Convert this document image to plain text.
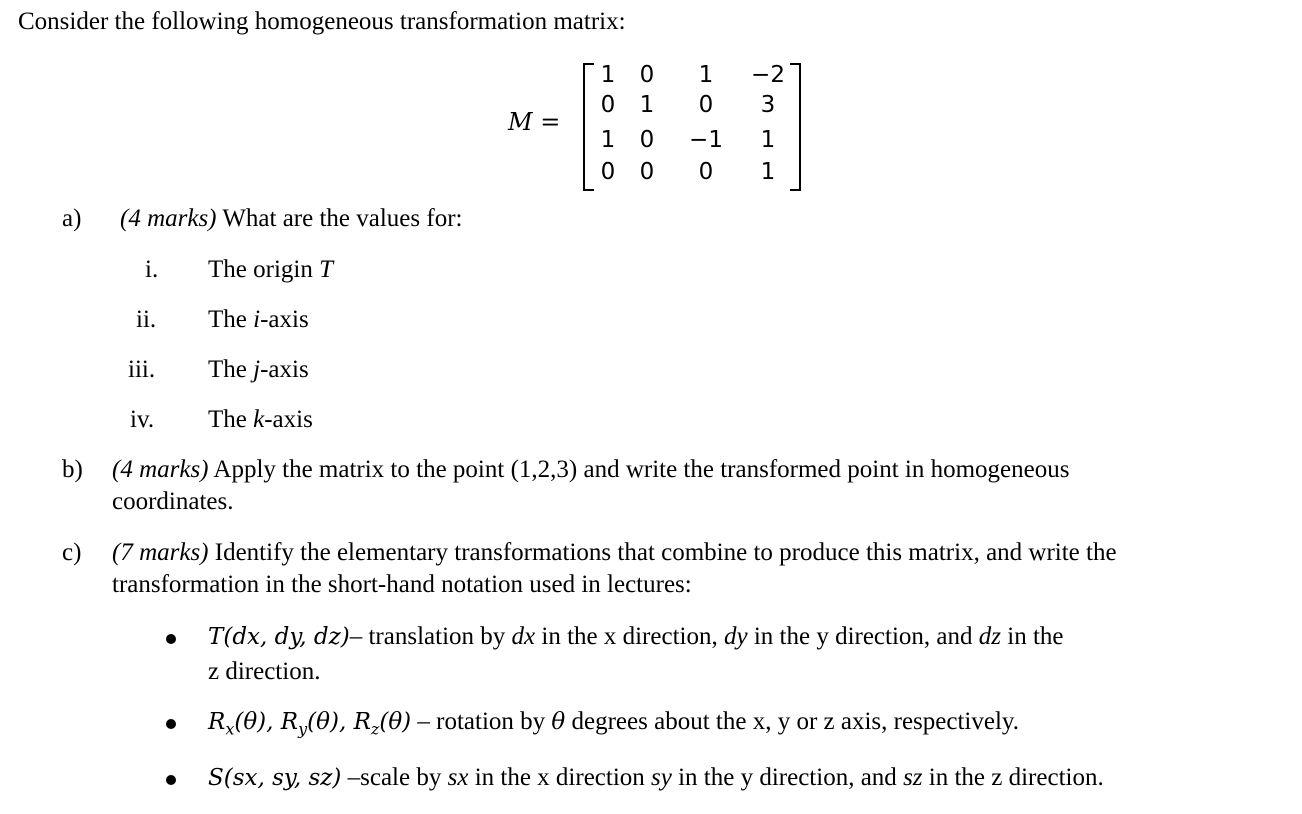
Consider the following homogeneous transformation matrix:
M =
1	0	1	−2
0	1	0	3
1	0	−1	1
0	0	0	1
a) (4 marks) What are the values for:
i. The origin T
ii. The i-axis
iii. The j-axis
iv. The k-axis
b) (4 marks) Apply the matrix to the point (1,2,3) and write the transformed point in homogeneous
coordinates.
c) (7 marks) Identify the elementary transformations that combine to produce this matrix, and write the
transformation in the short-hand notation used in lectures:
T(dx, dy, dz)– translation by dx in the x direction, dy in the y direction, and dz in the
z direction.
$R_x(\theta)$, $R_y(\theta)$, $R_z(\theta)$ – rotation by θ degrees about the x, y or z axis, respectively.
S(sx, sy, sz) –scale by sx in the x direction sy in the y direction, and sz in the z direction.
